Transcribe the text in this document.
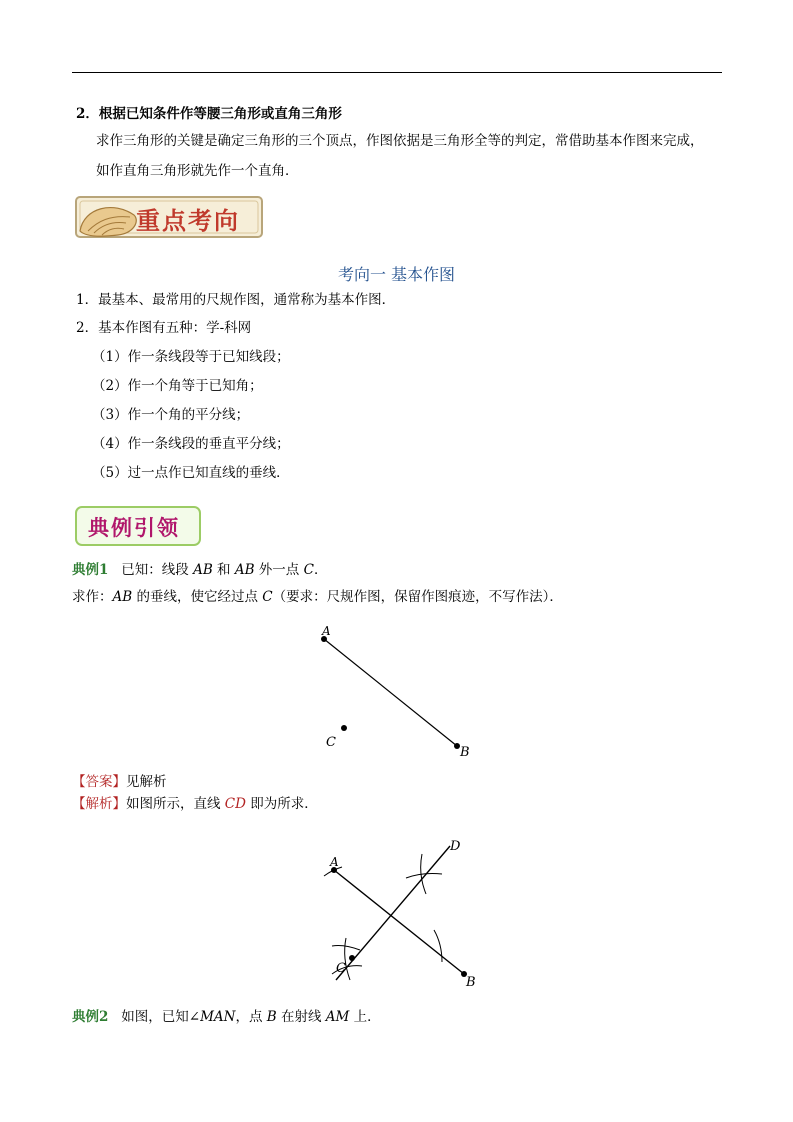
2．根据已知条件作等腰三角形或直角三角形
求作三角形的关键是确定三角形的三个顶点，作图依据是三角形全等的判定，常借助基本作图来完成，
如作直角三角形就先作一个直角．
重点考向
考向一 基本作图
1．最基本、最常用的尺规作图，通常称为基本作图．
2．基本作图有五种：学-科网
（1）作一条线段等于已知线段；
（2）作一个角等于已知角；
（3）作一个角的平分线；
（4）作一条线段的垂直平分线；
（5）过一点作已知直线的垂线．
典例引领
典例1 已知：线段 AB 和 AB 外一点 C．
求作：AB 的垂线，使它经过点 C（要求：尺规作图，保留作图痕迹，不写作法）．
A
B
C
【答案】见解析
【解析】如图所示，直线 CD 即为所求．
A
B
C
D
典例2 如图，已知∠MAN，点 B 在射线 AM 上．
